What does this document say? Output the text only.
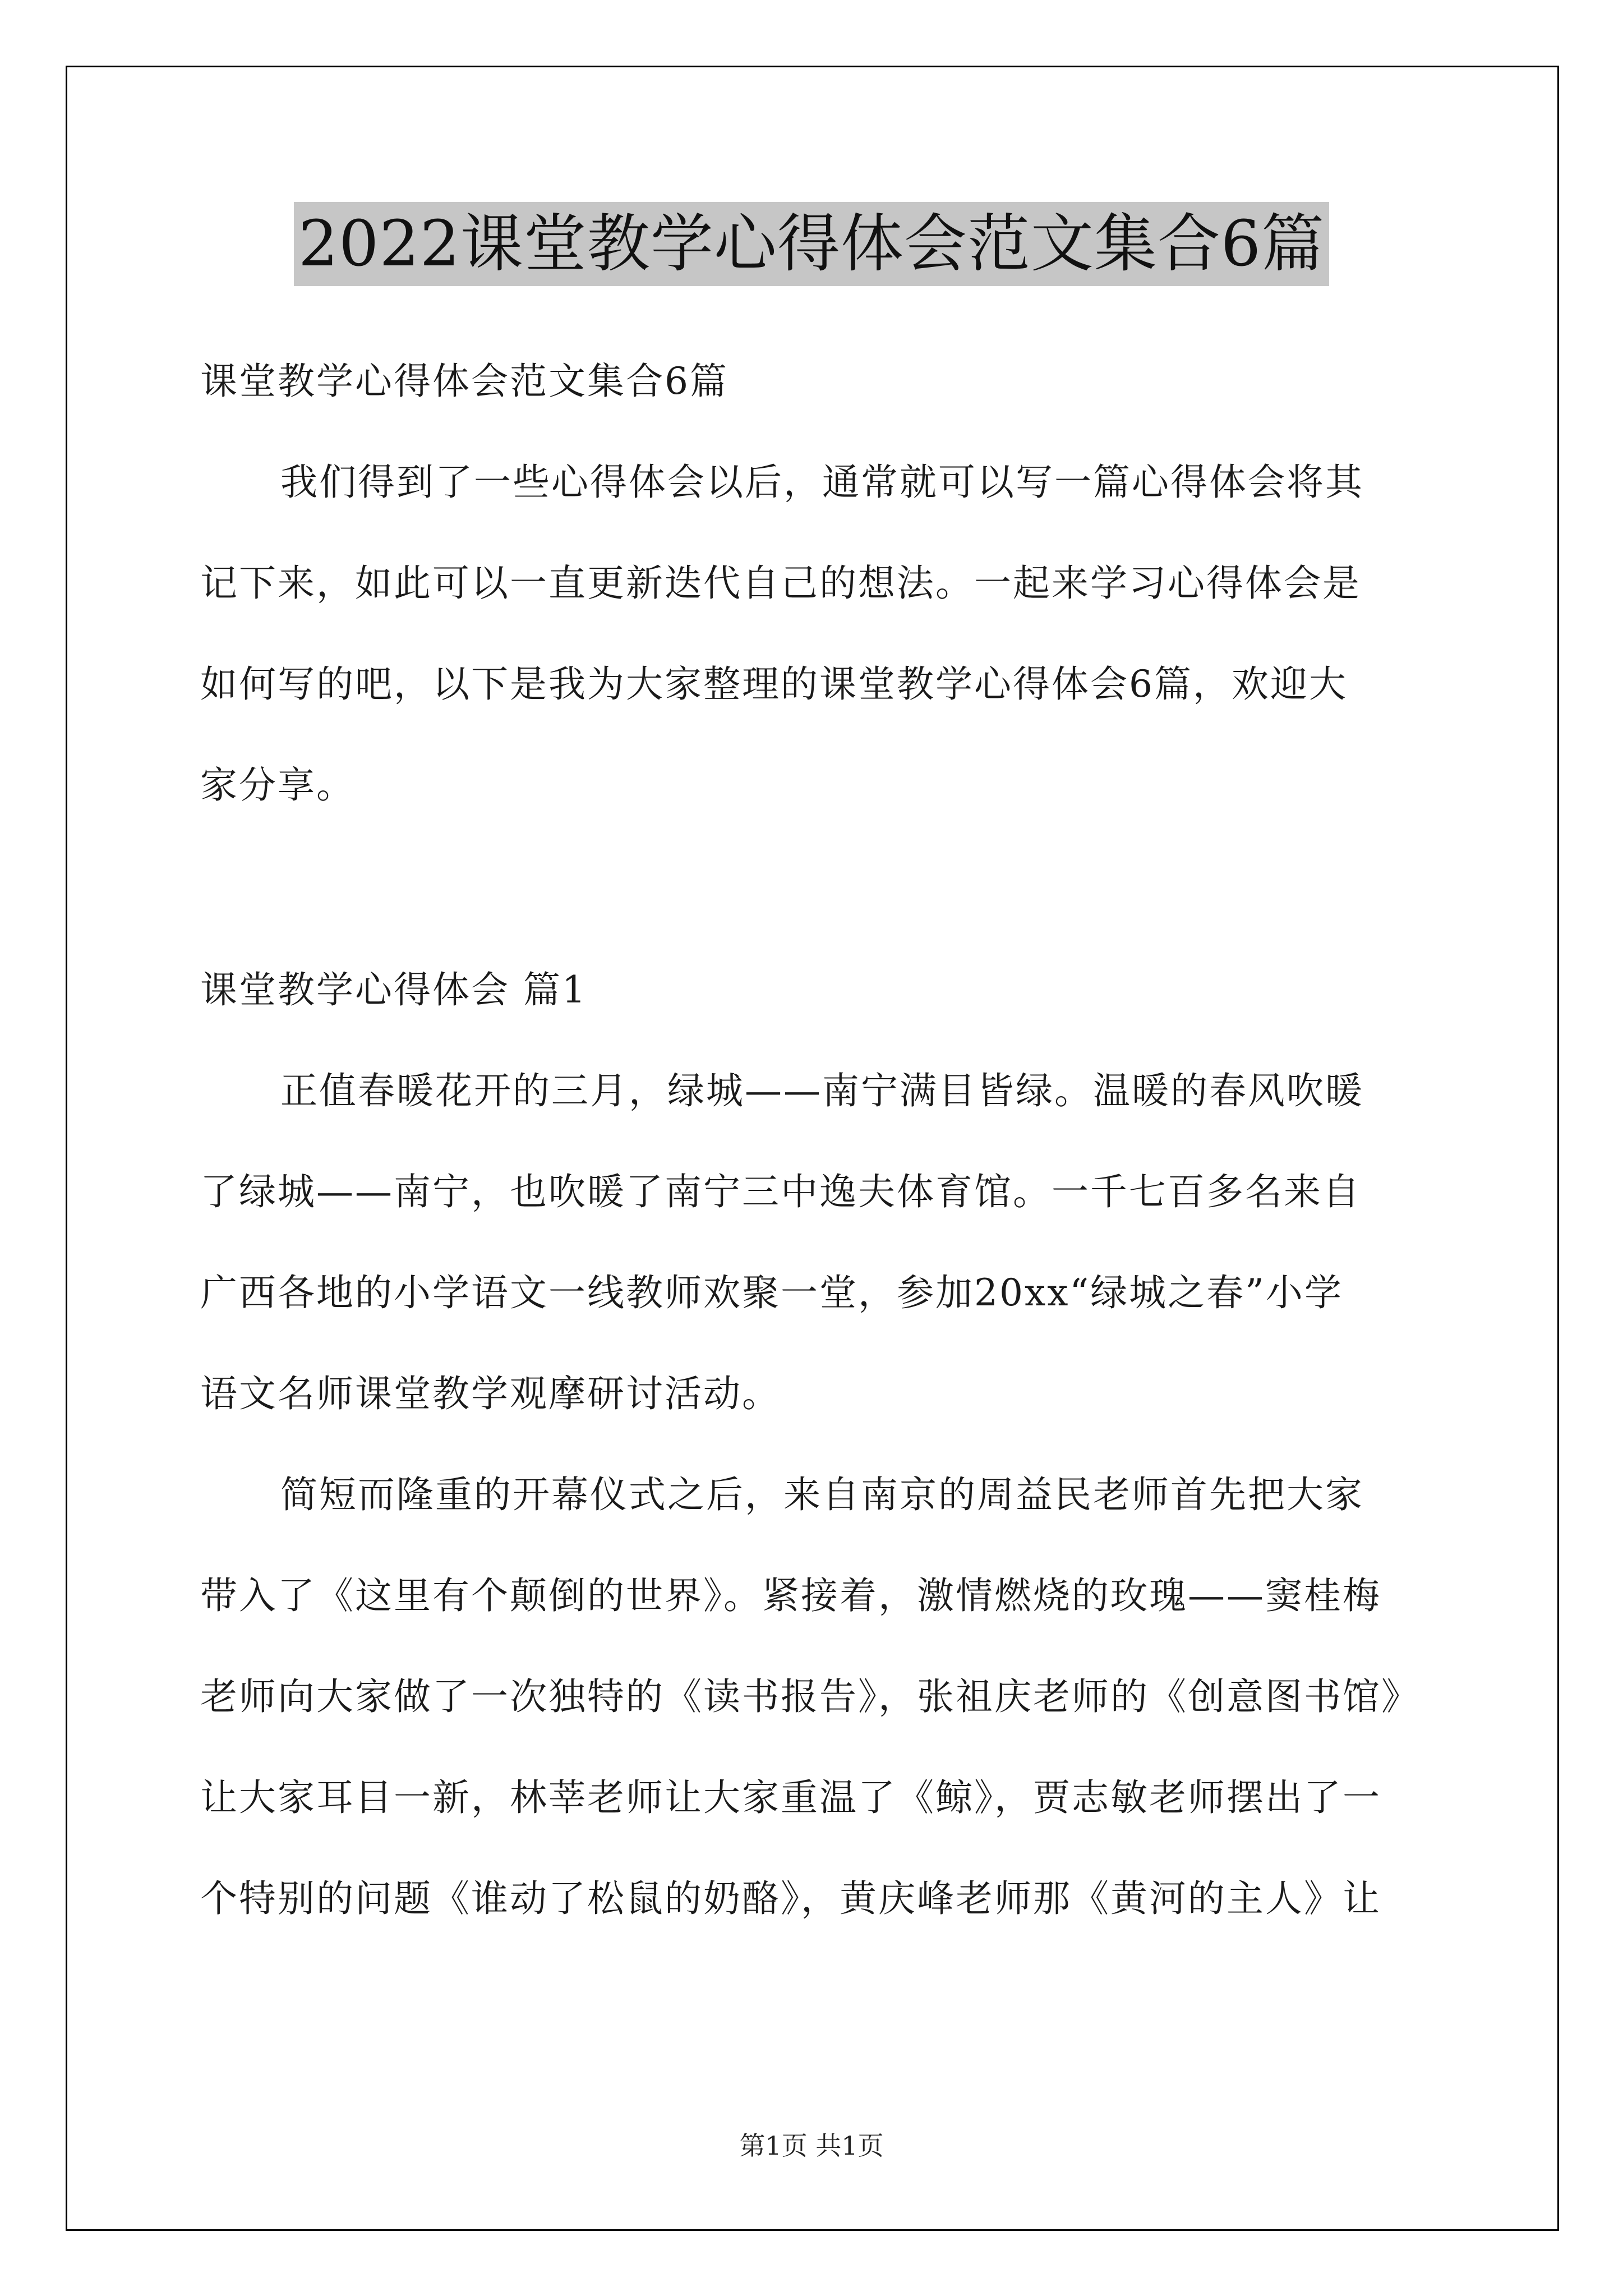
2022课堂教学心得体会范文集合6篇
课堂教学心得体会范文集合6篇
我们得到了一些心得体会以后，通常就可以写一篇心得体会将其
记下来，如此可以一直更新迭代自己的想法。一起来学习心得体会是
如何写的吧，以下是我为大家整理的课堂教学心得体会6篇，欢迎大
家分享。
课堂教学心得体会 篇1
正值春暖花开的三月，绿城——南宁满目皆绿。温暖的春风吹暖
了绿城——南宁，也吹暖了南宁三中逸夫体育馆。一千七百多名来自
广西各地的小学语文一线教师欢聚一堂，参加20xx“绿城之春”小学
语文名师课堂教学观摩研讨活动。
简短而隆重的开幕仪式之后，来自南京的周益民老师首先把大家
带入了《这里有个颠倒的世界》。紧接着，激情燃烧的玫瑰——窦桂梅
老师向大家做了一次独特的《读书报告》，张祖庆老师的《创意图书馆》
让大家耳目一新，林莘老师让大家重温了《鲸》，贾志敏老师摆出了一
个特别的问题《谁动了松鼠的奶酪》，黄庆峰老师那《黄河的主人》让
第1页 共1页
